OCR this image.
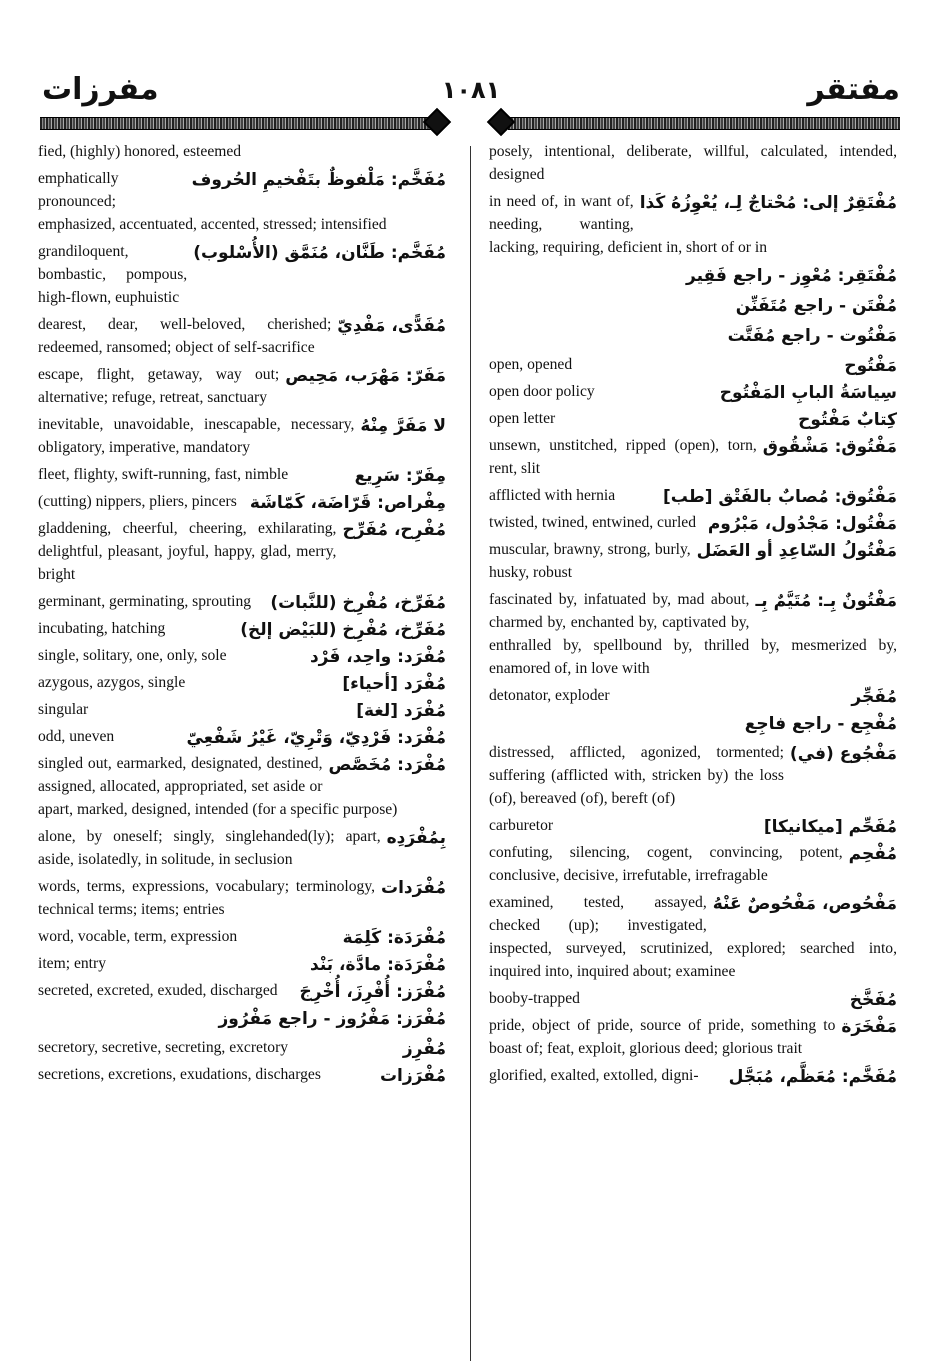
مفرزات	١٠٨١	مفتقر
fied, (highly) honored, esteemed
مُفَخَّم: مَلْفوظٌ بتَفْخيمِ الحُروف
emphatically pronounced; emphasized, accentuated, accented, stressed; intensified
مُفَخَّم: طَنَّان، مُنَمَّق (الأُسْلوب)
grandiloquent, bombastic, pompous, high-flown, euphuistic
مُفَدًّى، مَفْدِيّ
dearest, dear, well-beloved, cherished; redeemed, ransomed; object of self-sacrifice
مَفَرّ: مَهْرَب، مَحِيص
escape, flight, getaway, way out; alternative; refuge, retreat, sanctuary
لا مَفَرَّ مِنْهُ
inevitable, unavoidable, inescapable, necessary, obligatory, imperative, mandatory
مِفَرّ: سَرِيع
fleet, flighty, swift-running, fast, nimble
مِفْراص: قَرّاضَة، كَمّاشَة
(cutting) nippers, pliers, pincers
مُفْرِح، مُفَرِّح
gladdening, cheerful, cheering, exhilarating, delightful, pleasant, joyful, happy, glad, merry, bright
مُفَرِّخ، مُفْرِخ (للنَّبات)
germinant, germinating, sprouting
مُفَرِّخ، مُفْرِخ (للبَيْض إلخ)
incubating, hatching
مُفْرَد: واحِد، فَرْد
single, solitary, one, only, sole
مُفْرَد [أحياء]
azygous, azygos, single
مُفْرَد [لغة]
singular
مُفْرَد: فَرْدِيّ، وَتْرِيّ، غَيْرُ شَفْعِيّ
odd, uneven
مُفْرَد: مُخَصَّص
singled out, earmarked, designated, destined, assigned, allocated, appropriated, set aside or apart, marked, designed, intended (for a specific purpose)
بِمُفْرَدِه
alone, by oneself; singly, singlehanded(ly); apart, aside, isolatedly, in solitude, in seclusion
مُفْرَدات
words, terms, expressions, vocabulary; terminology, technical terms; items; entries
مُفْرَدَة: كَلِمَة
word, vocable, term, expression
مُفْرَدَة: مادَّة، بَنْد
item; entry
مُفْرَز: أُفْرِزَ، أُخْرِجَ
secreted, excreted, exuded, discharged
مُفْرَز: مَفْرُوز - راجع مَفْرُوز
مُفْرِز
secretory, secretive, secreting, excretory
مُفْرَزات
secretions, excretions, exudations, discharges
posely, intentional, deliberate, willful, calculated, intended, designed
مُفْتَقِرٌ إلى: مُحْتاجٌ لِـ، يُعْوِزُهُ كَذا
in need of, in want of, needing, wanting, lacking, requiring, deficient in, short of or in
مُفْتَقِر: مُعْوِز - راجع فَقِير
مُفْتَن - راجع مُتَفَنِّن
مَفْتُوت - راجع مُفَتَّت
مَفْتُوح
open, opened
سِياسَةُ البابِ المَفْتُوح
open door policy
كِتابٌ مَفْتُوح
open letter
مَفْتُوق: مَشْقُوق
unsewn, unstitched, ripped (open), torn, rent, slit
مَفْتُوق: مُصابٌ بالفَتْق [طب]
afflicted with hernia
مَفْتُول: مَجْدُول، مَبْرُوم
twisted, twined, entwined, curled
مَفْتُولُ السّاعِدِ أو العَضَل
muscular, brawny, strong, burly, husky, robust
مَفْتُونٌ بِـ: مُتَيَّمٌ بِـ
fascinated by, infatuated by, mad about, charmed by, enchanted by, captivated by, enthralled by, spellbound by, thrilled by, mesmerized by, enamored of, in love with
مُفَجِّر
detonator, exploder
مُفْجِع - راجع فاجِع
مَفْجُوع (في)
distressed, afflicted, agonized, tormented; suffering (afflicted with, stricken by) the loss (of), bereaved (of), bereft (of)
مُفَحِّم [ميكانيكا]
carburetor
مُفْحِم
confuting, silencing, cogent, convincing, potent, conclusive, decisive, irrefutable, irrefragable
مَفْحُوص، مَفْحُوصٌ عَنْهُ
examined, tested, assayed, checked (up); investigated, inspected, surveyed, scrutinized, explored; searched into, inquired into, inquired about; examinee
مُفَخَّخ
booby-trapped
مَفْخَرَة
pride, object of pride, source of pride, something to boast of; feat, exploit, glorious deed; glorious trait
مُفَخَّم: مُعَظَّم، مُبَجَّل
glorified, exalted, extolled, digni-
